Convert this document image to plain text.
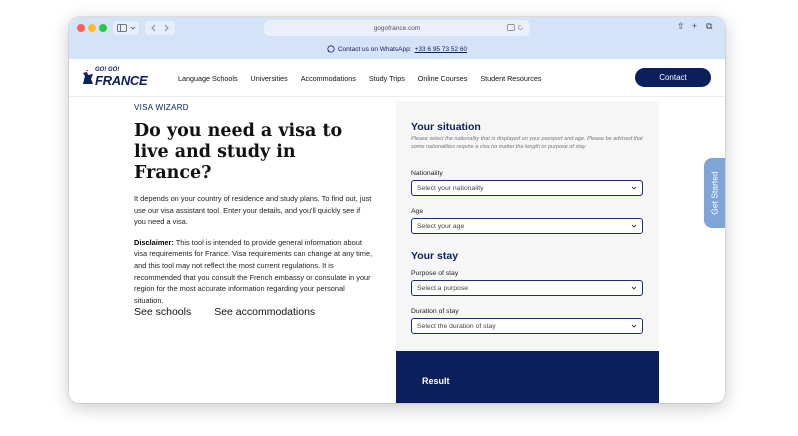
gogofrance.com
	⇧ + ⧉
Contact us on WhatsApp: +33 6 95 73 52 60
GO! GO!
FRANCE	Language Schools Universities Accommodations Study Trips Online Courses Student Resources	Contact
VISA WIZARD
Do you need a visa to live and study in France?

It depends on your country of residence and study plans. To find out, just use our visa assistant tool. Enter your details, and you'll quickly see if you need a visa.

Disclaimer: This tool is intended to provide general information about visa requirements for France. Visa requirements can change at any time, and this tool may not reflect the most current regulations. It is recommended that you consult the French embassy or consulate in your region for the most accurate information regarding your personal situation.

See schools See accommodations
Your situation
Please select the nationality that is displayed on your passport and age. Please be advised that some nationalities require a visa no matter the length or purpose of stay
Nationality
Select your nationality
Age
Select your age
Your stay
Purpose of stay
Select a purpose
Duration of stay
Select the duration of stay
Result
Get Started
